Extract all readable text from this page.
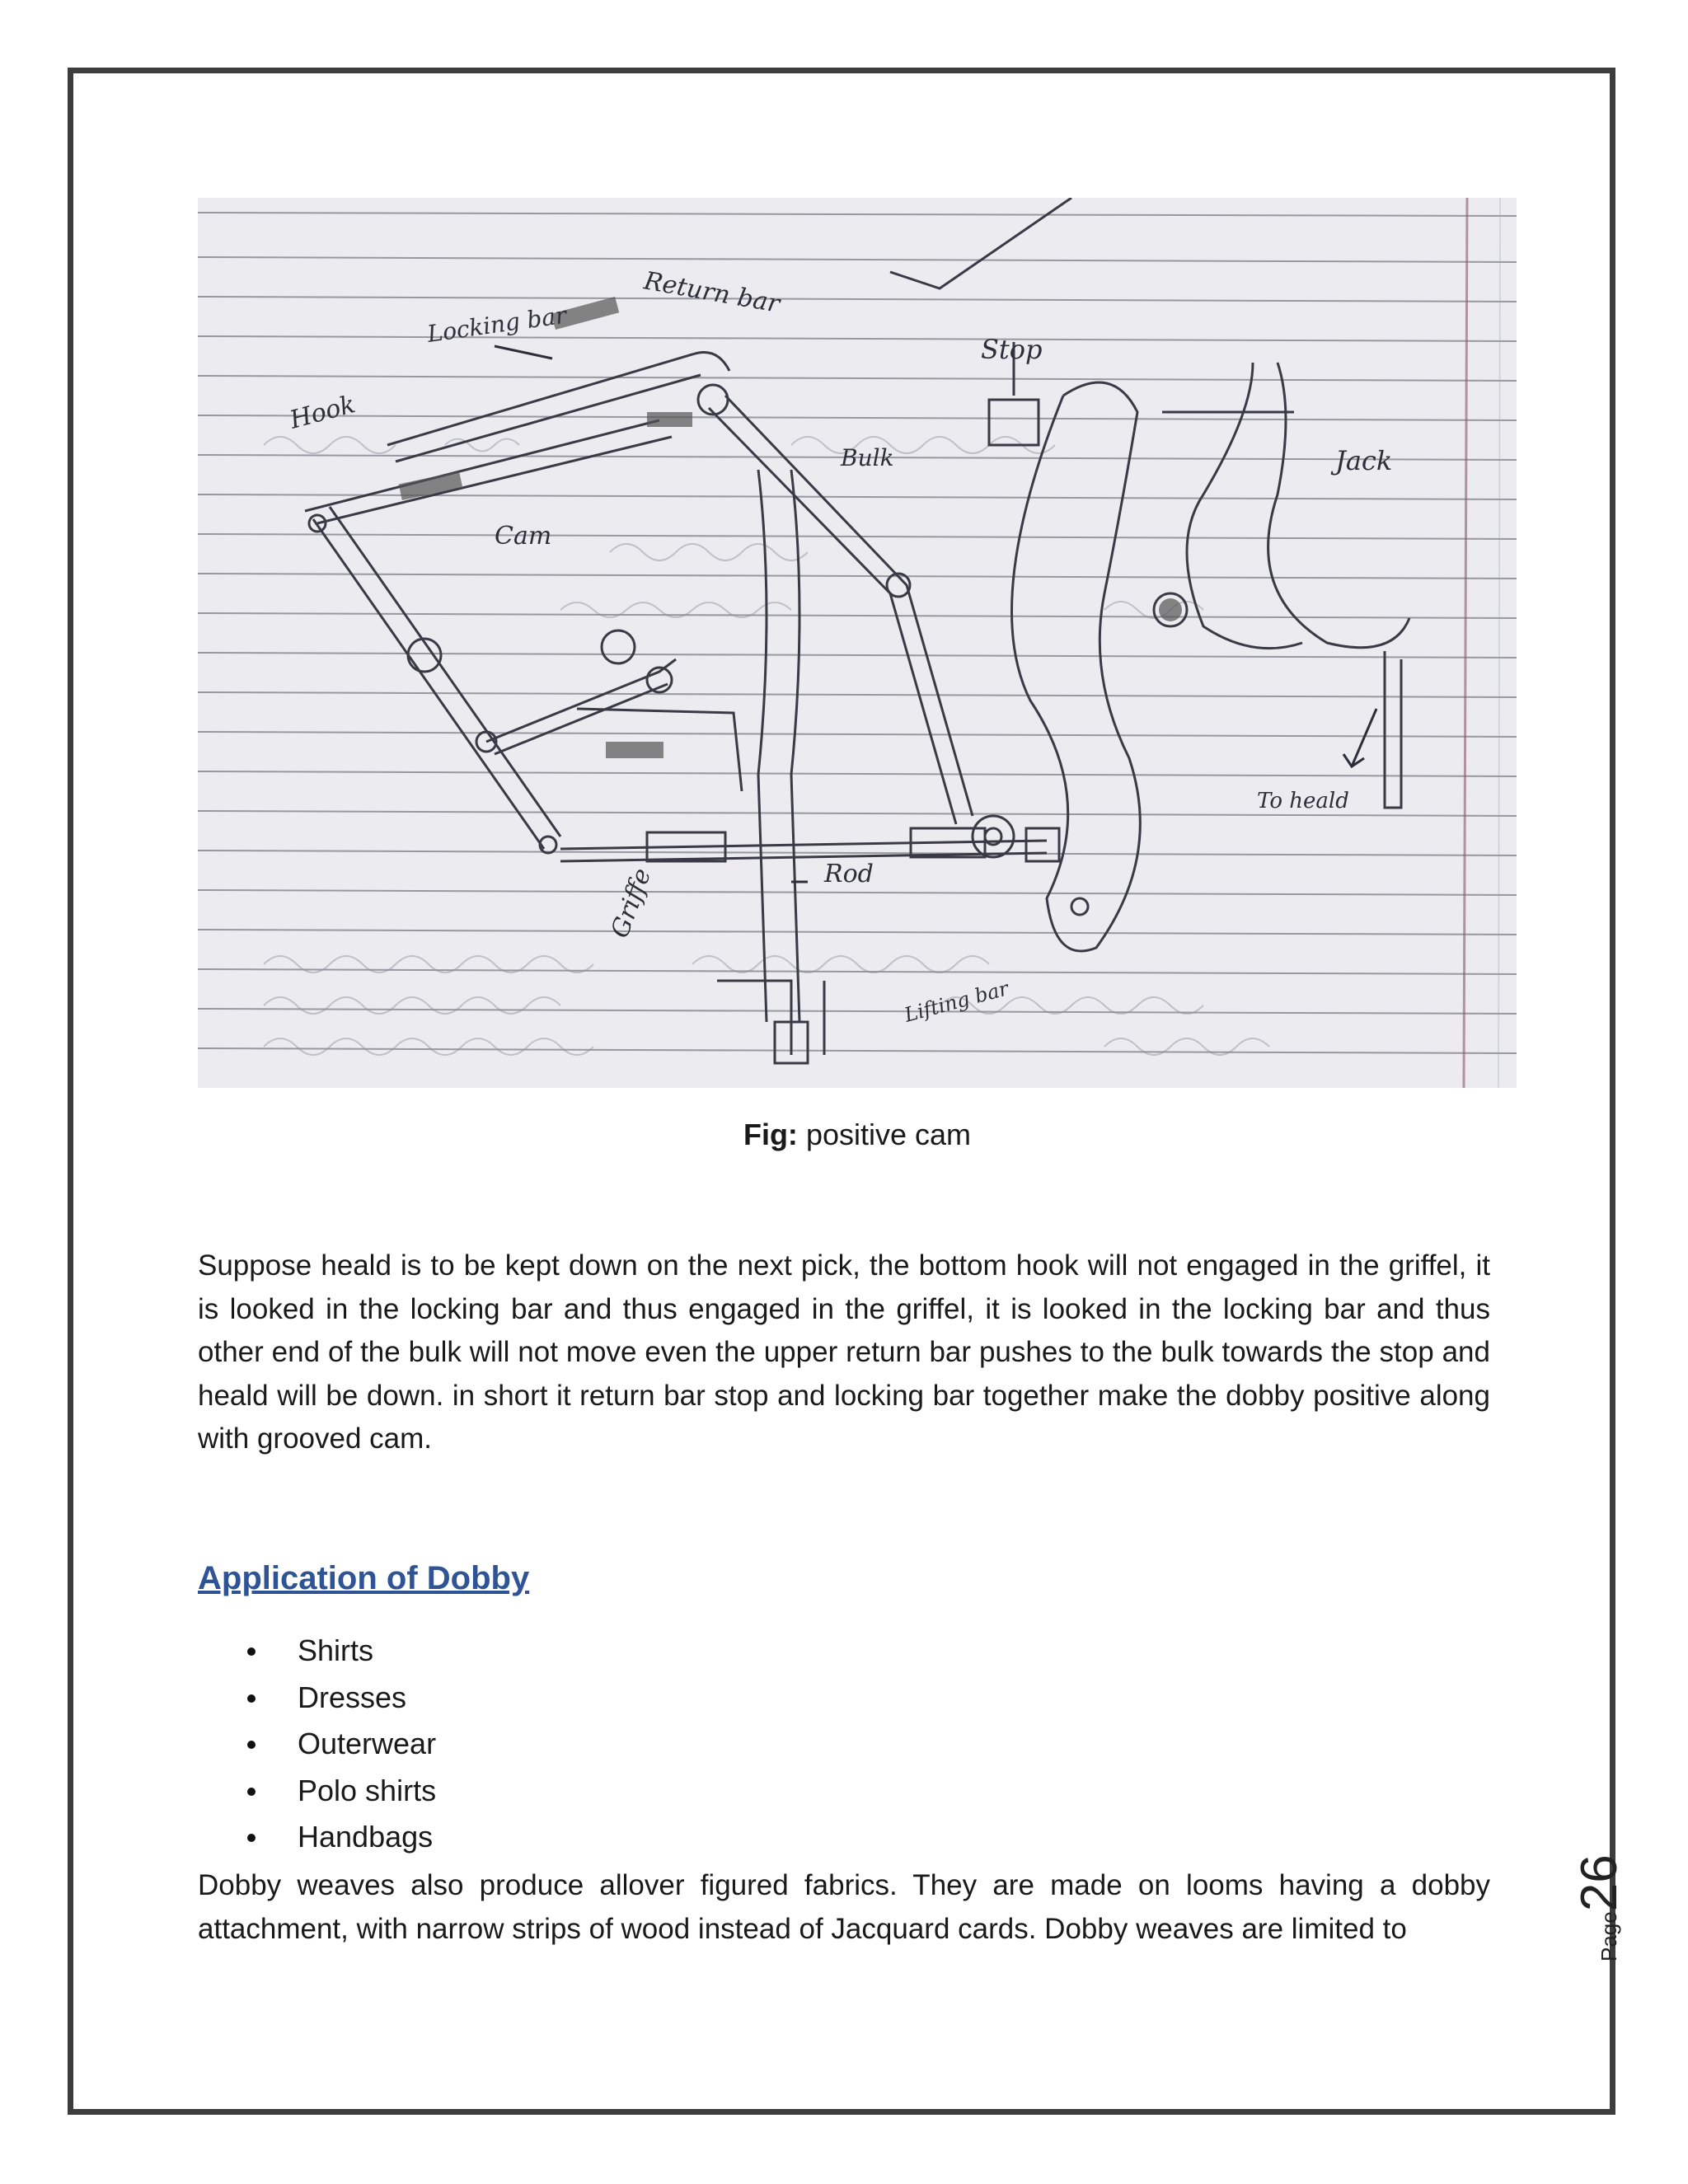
Return bar
Locking bar
Hook
Stop
Bulk	Jack
Cam
To heald
Griffe	Rod
Lifting bar
Fig: positive cam

Suppose heald is to be kept down on the next pick, the bottom hook will not engaged in the griffel, it is looked in the locking bar and thus engaged in the griffel, it is looked in the locking bar and thus other end of the bulk will not move even the upper return bar pushes to the bulk towards the stop and heald will be down. in short it return bar stop and locking bar together make the dobby positive along with grooved cam.

Application of Dobby
Shirts
Dresses
Outerwear
Polo shirts
Handbags

Dobby weaves also produce allover figured fabrics. They are made on looms having a dobby attachment, with narrow strips of wood instead of Jacquard cards. Dobby weaves are limited to	Page26
